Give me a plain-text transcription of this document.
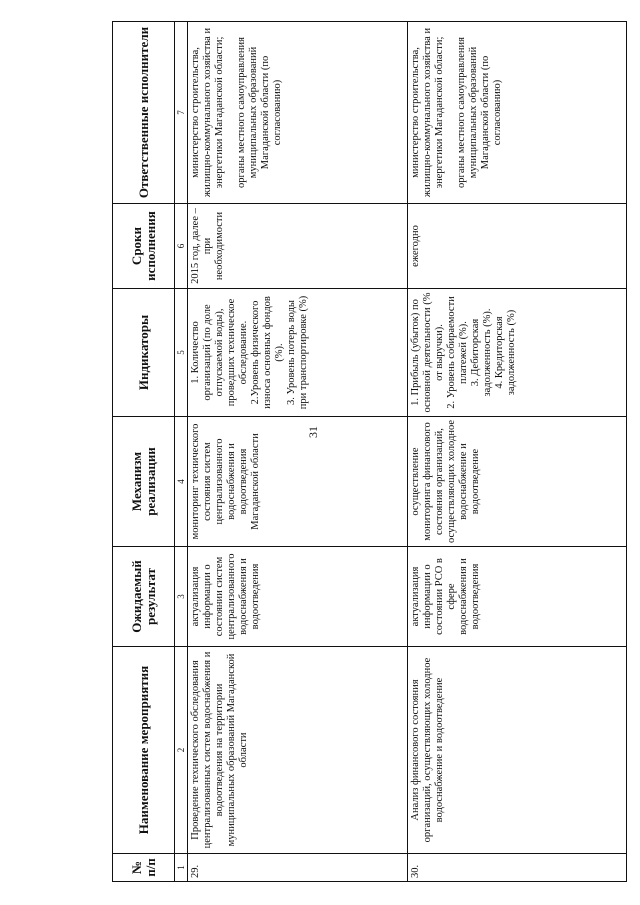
31
№ п/п	Наименование мероприятия	Ожидаемый результат	Механизм реализации	Индикаторы	Сроки исполнения	Ответственные исполнители
1	2	3	4	5	6	7
29.	Проведение технического обследования централизованных систем водоснабжения и водоотведения на территории муниципальных образований Магаданской области	актуализация информации о состоянии систем централизованного водоснабжения и водоотведения	мониторинг технического состояния систем централизованного водоснабжения и водоотведения Магаданской области	1. Количество организаций (по доле отпускаемой воды), проведших техническое обследование. 2.Уровень физического износа основных фондов (%). 3. Уровень потерь воды при транспортировке (%)	2015 год, далее – при необходимости	министерство строительства, жилищно-коммунального хозяйства и энергетики Магаданской области; органы местного самоуправления муниципальных образований Магаданской области (по согласованию)

30.	Анализ финансового состояния организаций, осуществляющих холодное водоснабжение и водоотведение	актуализация информации о состоянии РСО в сфере водоснабжения и водоотведения	осуществление мониторинга финансового состояния организаций, осуществляющих холодное водоснабжение и водоотведение	1. Прибыль (убыток) по основной деятельности (% от выручки). 2. Уровень собираемости платежей (%). 3. Дебиторская задолженность (%). 4. Кредиторская задолженность (%)	ежегодно	министерство строительства, жилищно-коммунального хозяйства и энергетики Магаданской области; органы местного самоуправления муниципальных образований Магаданской области (по согласованию)
